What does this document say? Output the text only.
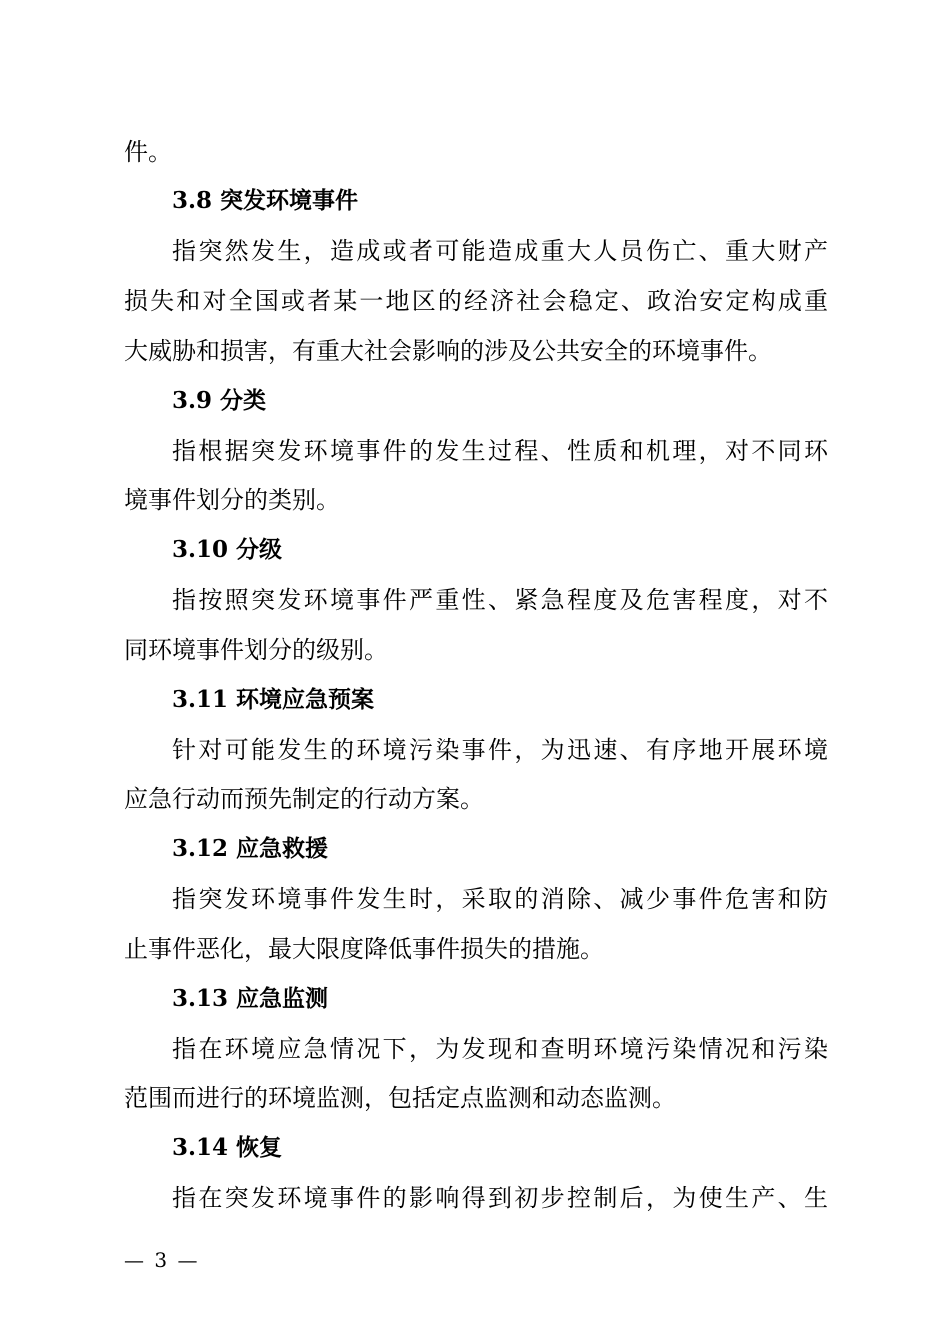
件。
3.8 突发环境事件
指突然发生，造成或者可能造成重大人员伤亡、重大财产
损失和对全国或者某一地区的经济社会稳定、政治安定构成重
大威胁和损害，有重大社会影响的涉及公共安全的环境事件。
3.9 分类
指根据突发环境事件的发生过程、性质和机理，对不同环
境事件划分的类别。
3.10 分级
指按照突发环境事件严重性、紧急程度及危害程度，对不
同环境事件划分的级别。
3.11 环境应急预案
针对可能发生的环境污染事件，为迅速、有序地开展环境
应急行动而预先制定的行动方案。
3.12 应急救援
指突发环境事件发生时，采取的消除、减少事件危害和防
止事件恶化，最大限度降低事件损失的措施。
3.13 应急监测
指在环境应急情况下，为发现和查明环境污染情况和污染
范围而进行的环境监测，包括定点监测和动态监测。
3.14 恢复
指在突发环境事件的影响得到初步控制后，为使生产、生
— 3 —
